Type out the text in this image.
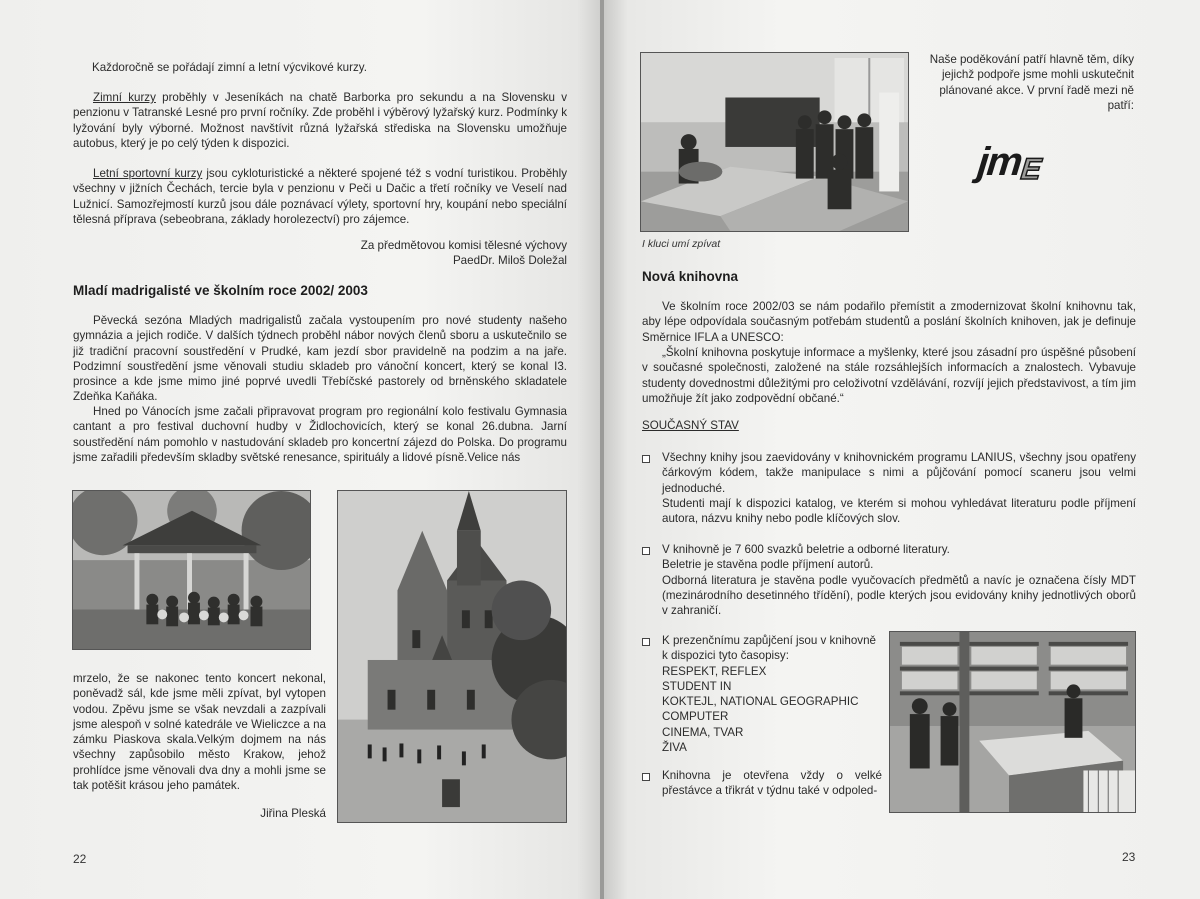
Každoročně se pořádají zimní a letní výcvikové kurzy.
Zimní kurzy proběhly v Jeseníkách na chatě Barborka pro sekundu a na Slovensku v penzionu v Tatranské Lesné pro první ročníky. Zde proběhl i výběrový lyžařský kurz. Podmínky k lyžování byly výborné. Možnost navštívit různá lyžařská střediska na Slovensku umožňuje autobus, který je po celý týden k dispozici.
Letní sportovní kurzy jsou cykloturistické a některé spojené též s vodní turistikou. Proběhly všechny v jižních Čechách, tercie byla v penzionu v Peči u Dačic a třetí ročníky ve Veselí nad Lužnicí. Samozřejmostí kurzů jsou dále poznávací výlety, sportovní hry, koupání nebo speciální tělesná příprava (sebeobrana, základy horolezectví) pro zájemce.
Za předmětovou komisi tělesné výchovy
PaedDr. Miloš Doležal
Mladí madrigalisté ve školním roce 2002/ 2003
Pěvecká sezóna Mladých madrigalistů začala vystoupením pro nové studenty našeho gymnázia a jejich rodiče. V dalších týdnech proběhl nábor nových členů sboru a uskutečnilo se již tradiční pracovní soustředění v Prudké, kam jezdí sbor pravidelně na podzim a na jaře. Podzimní soustředění jsme věnovali studiu skladeb pro vánoční koncert, který se konal I3. prosince a kde jsme mimo jiné poprvé uvedli Třebíčské pastorely od brněnského skladatele Zdeňka Kaňáka.
Hned po Vánocích jsme začali připravovat program pro regionální kolo festivalu Gymnasia cantant a pro festival duchovní hudby v Židlochovicích, který se konal 26.dubna. Jarní soustředění nám pomohlo v nastudování skladeb pro koncertní zájezd do Polska. Do programu jsme zařadili především skladby světské renesance, spirituály a lidové písně.Velice nás
mrzelo, že se nakonec tento koncert nekonal, poněvadž sál, kde jsme měli zpívat, byl vytopen vodou. Zpěvu jsme se však nevzdali a zazpívali jsme alespoň v solné katedrále ve Wieliczce a na zámku Piaskova skala.Velkým dojmem na nás všechny zapůsobilo město Krakow, jehož prohlídce jsme věnovali dva dny a mohli jsme se tak potěšit krásou jeho památek.
Jiřina Pleská
22
I kluci umí zpívat
Naše poděkování patří hlavně těm, díky jejichž podpoře jsme mohli uskutečnit plánované akce. V první řadě mezi ně patří:
jmE
Nová knihovna
Ve školním roce 2002/03 se nám podařilo přemístit a zmodernizovat školní knihovnu tak, aby lépe odpovídala současným potřebám studentů a poslání školních knihoven, jak je definuje Směrnice IFLA a UNESCO:
„Školní knihovna poskytuje informace a myšlenky, které jsou zásadní pro úspěšné působení v současné společnosti, založené na stále rozsáhlejších informacích a znalostech. Vybavuje studenty dovednostmi důležitými pro celoživotní vzdělávání, rozvíjí jejich představivost, a tím jim umožňuje žít jako zodpovědní občané.“
SOUČASNÝ STAV
Všechny knihy jsou zaevidovány v knihovnickém programu LANIUS, všechny jsou opatřeny čárkovým kódem, takže manipulace s nimi a půjčování pomocí scaneru jsou velmi jednoduché.
Studenti mají k dispozici katalog, ve kterém si mohou vyhledávat literaturu podle příjmení autora, názvu knihy nebo podle klíčových slov.
V knihovně je 7 600 svazků beletrie a odborné literatury.
Beletrie je stavěna podle příjmení autorů.
Odborná literatura je stavěna podle vyučovacích předmětů a navíc je označena čísly MDT (mezinárodního desetinného třídění), podle kterých jsou evidovány knihy jednotlivých oborů v zahraničí.
K prezenčnímu zapůjčení jsou v knihovně k dispozici tyto časopisy:
RESPEKT, REFLEX
STUDENT IN
KOKTEJL, NATIONAL GEOGRAPHIC
COMPUTER
CINEMA, TVAR
ŽIVA
Knihovna je otevřena vždy o velké přestávce a třikrát v týdnu také v odpoled-
23
